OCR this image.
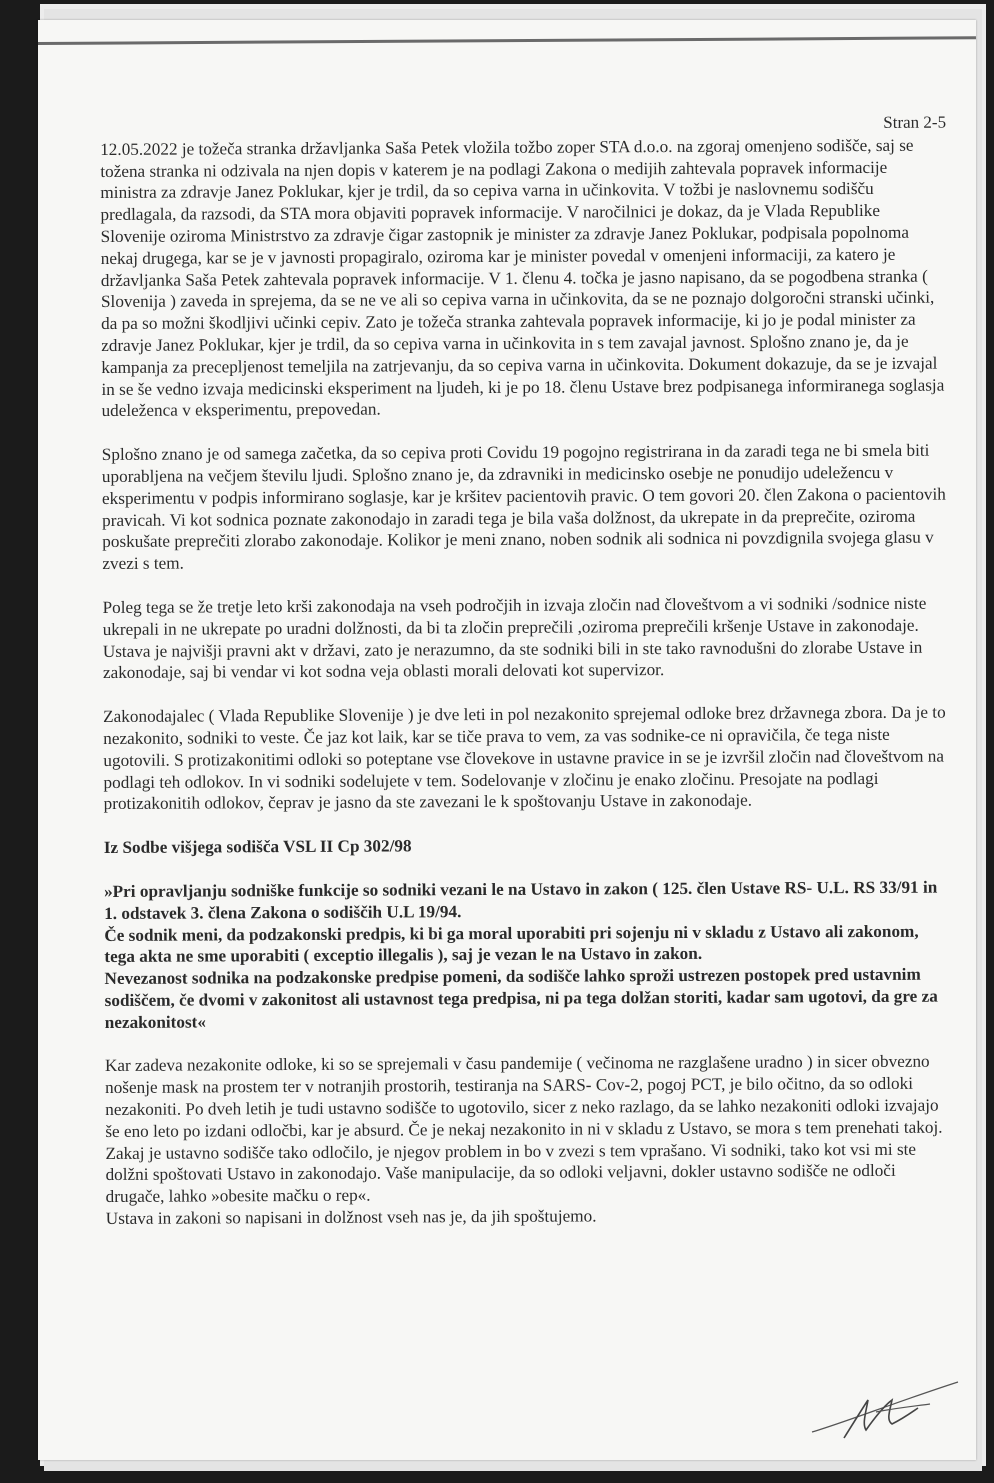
Stran 2-5

12.05.2022 je tožeča stranka državljanka Saša Petek vložila tožbo zoper STA d.o.o. na zgoraj omenjeno sodišče, saj se tožena stranka ni odzivala na njen dopis v katerem je na podlagi Zakona o medijih zahtevala popravek informacije ministra za zdravje Janez Poklukar, kjer je trdil, da so cepiva varna in učinkovita. V tožbi je naslovnemu sodišču predlagala, da razsodi, da STA mora objaviti popravek informacije. V naročilnici je dokaz, da je Vlada Republike Slovenije oziroma Ministrstvo za zdravje čigar zastopnik je minister za zdravje Janez Poklukar, podpisala popolnoma nekaj drugega, kar se je v javnosti propagiralo, oziroma kar je minister povedal v omenjeni informaciji, za katero je državljanka Saša Petek zahtevala popravek informacije. V 1. členu 4. točka je jasno napisano, da se pogodbena stranka ( Slovenija ) zaveda in sprejema, da se ne ve ali so cepiva varna in učinkovita, da se ne poznajo dolgoročni stranski učinki, da pa so možni škodljivi učinki cepiv. Zato je tožeča stranka zahtevala popravek informacije, ki jo je podal minister za zdravje Janez Poklukar, kjer je trdil, da so cepiva varna in učinkovita in s tem zavajal javnost. Splošno znano je, da je kampanja za precepljenost temeljila na zatrjevanju, da so cepiva varna in učinkovita. Dokument dokazuje, da se je izvajal in se še vedno izvaja medicinski eksperiment na ljudeh, ki je po 18. členu Ustave brez podpisanega informiranega soglasja udeleženca v eksperimentu, prepovedan.

Splošno znano je od samega začetka, da so cepiva proti Covidu 19 pogojno registrirana in da zaradi tega ne bi smela biti uporabljena na večjem številu ljudi. Splošno znano je, da zdravniki in medicinsko osebje ne ponudijo udeležencu v eksperimentu v podpis informirano soglasje, kar je kršitev pacientovih pravic. O tem govori 20. člen Zakona o pacientovih pravicah. Vi kot sodnica poznate zakonodajo in zaradi tega je bila vaša dolžnost, da ukrepate in da preprečite, oziroma poskušate preprečiti zlorabo zakonodaje. Kolikor je meni znano, noben sodnik ali sodnica ni povzdignila svojega glasu v zvezi s tem.

Poleg tega se že tretje leto krši zakonodaja na vseh področjih in izvaja zločin nad človeštvom a vi sodniki /sodnice niste ukrepali in ne ukrepate po uradni dolžnosti, da bi ta zločin preprečili ,oziroma preprečili kršenje Ustave in zakonodaje. Ustava je najvišji pravni akt v državi, zato je nerazumno, da ste sodniki bili in ste tako ravnodušni do zlorabe Ustave in zakonodaje, saj bi vendar vi kot sodna veja oblasti morali delovati kot supervizor.

Zakonodajalec ( Vlada Republike Slovenije ) je dve leti in pol nezakonito sprejemal odloke brez državnega zbora. Da je to nezakonito, sodniki to veste. Če jaz kot laik, kar se tiče prava to vem, za vas sodnike-ce ni opravičila, če tega niste ugotovili. S protizakonitimi odloki so poteptane vse človekove in ustavne pravice in se je izvršil zločin nad človeštvom na podlagi teh odlokov. In vi sodniki sodelujete v tem. Sodelovanje v zločinu je enako zločinu. Presojate na podlagi protizakonitih odlokov, čeprav je jasno da ste zavezani le k spoštovanju Ustave in zakonodaje.

Iz Sodbe višjega sodišča VSL II Cp 302/98

»Pri opravljanju sodniške funkcije so sodniki vezani le na Ustavo in zakon ( 125. člen Ustave RS- U.L. RS 33/91 in 1. odstavek 3. člena Zakona o sodiščih U.L 19/94.

Če sodnik meni, da podzakonski predpis, ki bi ga moral uporabiti pri sojenju ni v skladu z Ustavo ali zakonom, tega akta ne sme uporabiti ( exceptio illegalis ), saj je vezan le na Ustavo in zakon.

Nevezanost sodnika na podzakonske predpise pomeni, da sodišče lahko sproži ustrezen postopek pred ustavnim sodiščem, če dvomi v zakonitost ali ustavnost tega predpisa, ni pa tega dolžan storiti, kadar sam ugotovi, da gre za nezakonitost«

Kar zadeva nezakonite odloke, ki so se sprejemali v času pandemije ( večinoma ne razglašene uradno ) in sicer obvezno nošenje mask na prostem ter v notranjih prostorih, testiranja na SARS- Cov-2, pogoj PCT, je bilo očitno, da so odloki nezakoniti. Po dveh letih je tudi ustavno sodišče to ugotovilo, sicer z neko razlago, da se lahko nezakoniti odloki izvajajo še eno leto po izdani odločbi, kar je absurd. Če je nekaj nezakonito in ni v skladu z Ustavo, se mora s tem prenehati takoj. Zakaj je ustavno sodišče tako odločilo, je njegov problem in bo v zvezi s tem vprašano. Vi sodniki, tako kot vsi mi ste dolžni spoštovati Ustavo in zakonodajo. Vaše manipulacije, da so odloki veljavni, dokler ustavno sodišče ne odloči drugače, lahko »obesite mačku o rep«.

Ustava in zakoni so napisani in dolžnost vseh nas je, da jih spoštujemo.
